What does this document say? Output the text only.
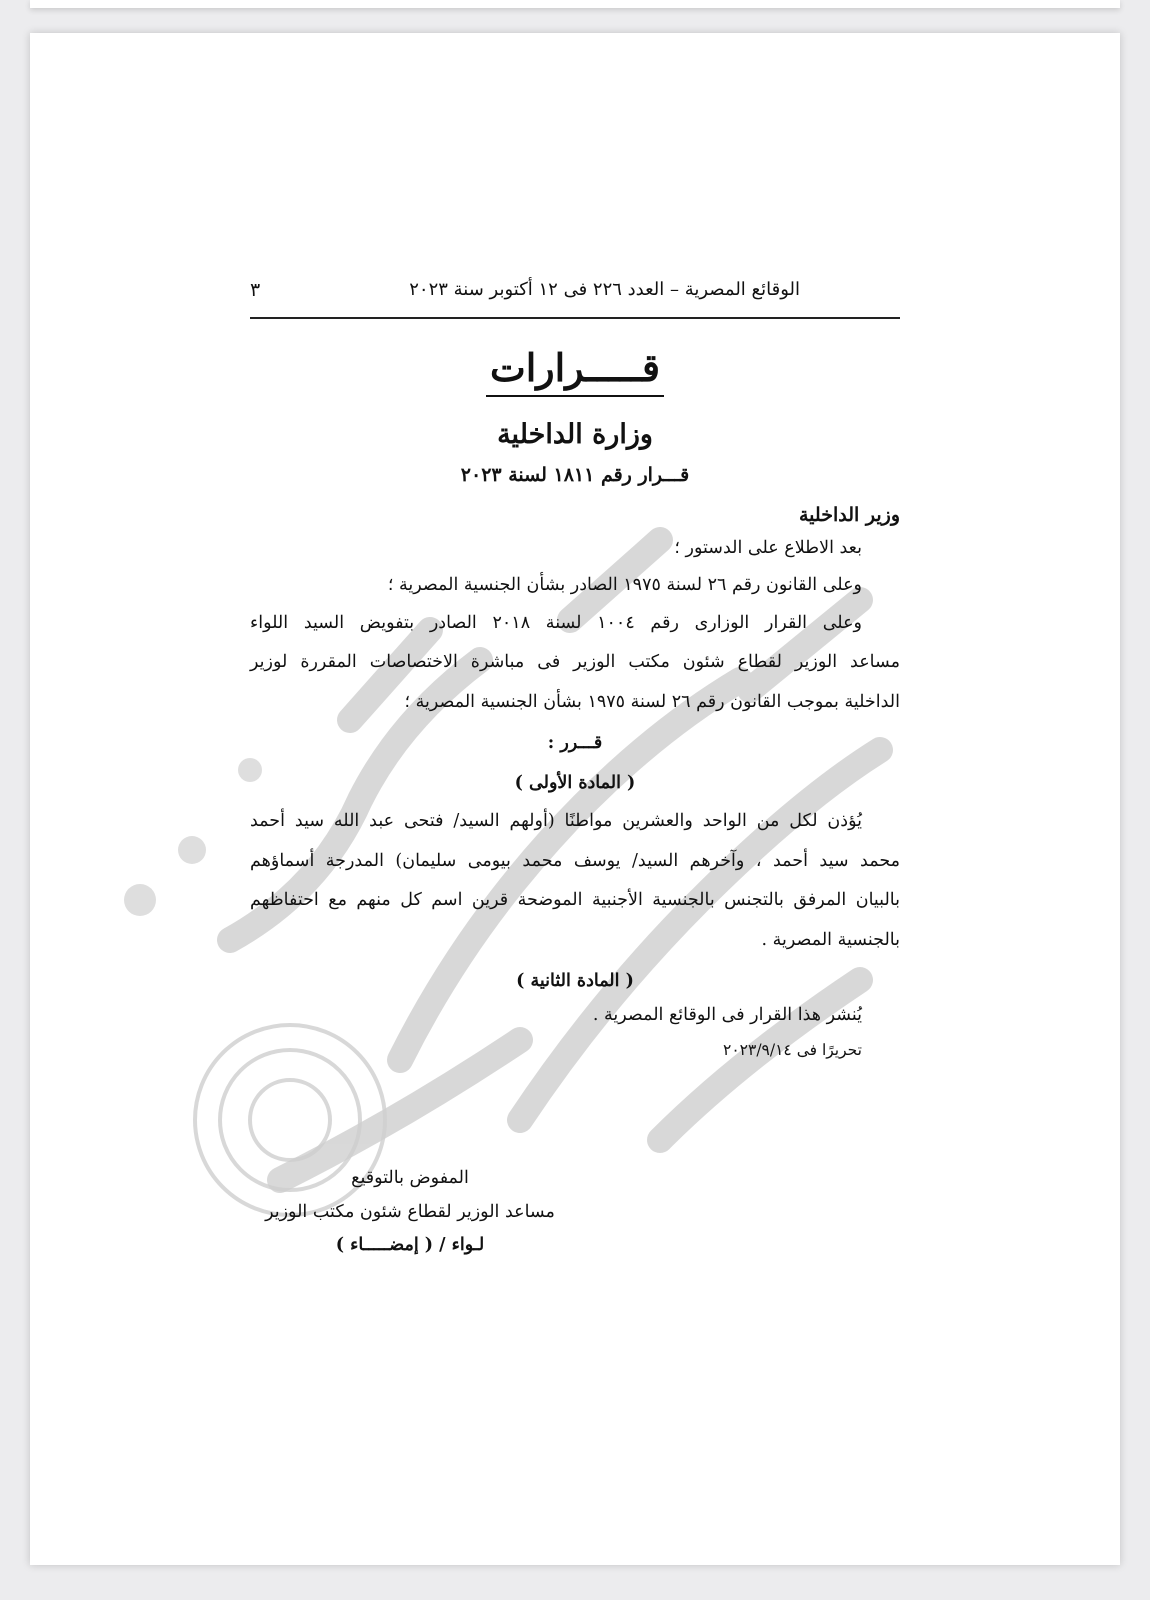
الوقائع المصرية – العدد ٢٢٦ فى ١٢ أكتوبر سنة ٢٠٢٣
٣
قـــــرارات
وزارة الداخلية
قـــرار رقم ١٨١١ لسنة ٢٠٢٣
وزير الداخلية

بعد الاطلاع على الدستور ؛

وعلى القانون رقم ٢٦ لسنة ١٩٧٥ الصادر بشأن الجنسية المصرية ؛

وعلى القرار الوزارى رقم ١٠٠٤ لسنة ٢٠١٨ الصادر بتفويض السيد اللواء

مساعد الوزير لقطاع شئون مكتب الوزير فى مباشرة الاختصاصات المقررة لوزير

الداخلية بموجب القانون رقم ٢٦ لسنة ١٩٧٥ بشأن الجنسية المصرية ؛

قـــرر :
( المادة الأولى )

يُؤذن لكل من الواحد والعشرين مواطنًا (أولهم السيد/ فتحى عبد الله سيد أحمد

محمد سيد أحمد ، وآخرهم السيد/ يوسف محمد بيومى سليمان) المدرجة أسماؤهم

بالبيان المرفق بالتجنس بالجنسية الأجنبية الموضحة قرين اسم كل منهم مع احتفاظهم

بالجنسية المصرية .

( المادة الثانية )

يُنشر هذا القرار فى الوقائع المصرية .

تحريرًا فى ٢٠٢٣/٩/١٤

المفوض بالتوقيع

مساعد الوزير لقطاع شئون مكتب الوزير

لـواء / ( إمضـــــاء )
